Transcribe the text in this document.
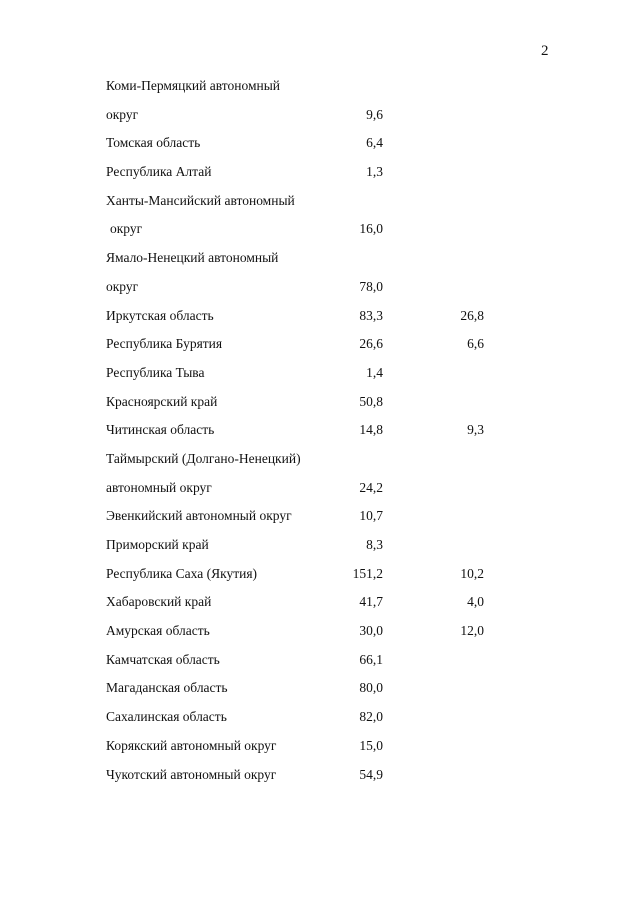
2
Коми-Пермяцкий автономный
округ	9,6
Томская область	6,4
Республика Алтай	1,3
Ханты-Мансийский автономный
округ	16,0
Ямало-Ненецкий автономный
округ	78,0
Иркутская область	83,3	26,8
Республика Бурятия	26,6	6,6
Республика Тыва	1,4
Красноярский край	50,8
Читинская область	14,8	9,3
Таймырский (Долгано-Ненецкий)
автономный округ	24,2
Эвенкийский автономный округ	10,7
Приморский край	8,3
Республика Саха (Якутия)	151,2	10,2
Хабаровский край	41,7	4,0
Амурская область	30,0	12,0
Камчатская область	66,1
Магаданская область	80,0
Сахалинская область	82,0
Корякский автономный округ	15,0
Чукотский автономный округ	54,9
